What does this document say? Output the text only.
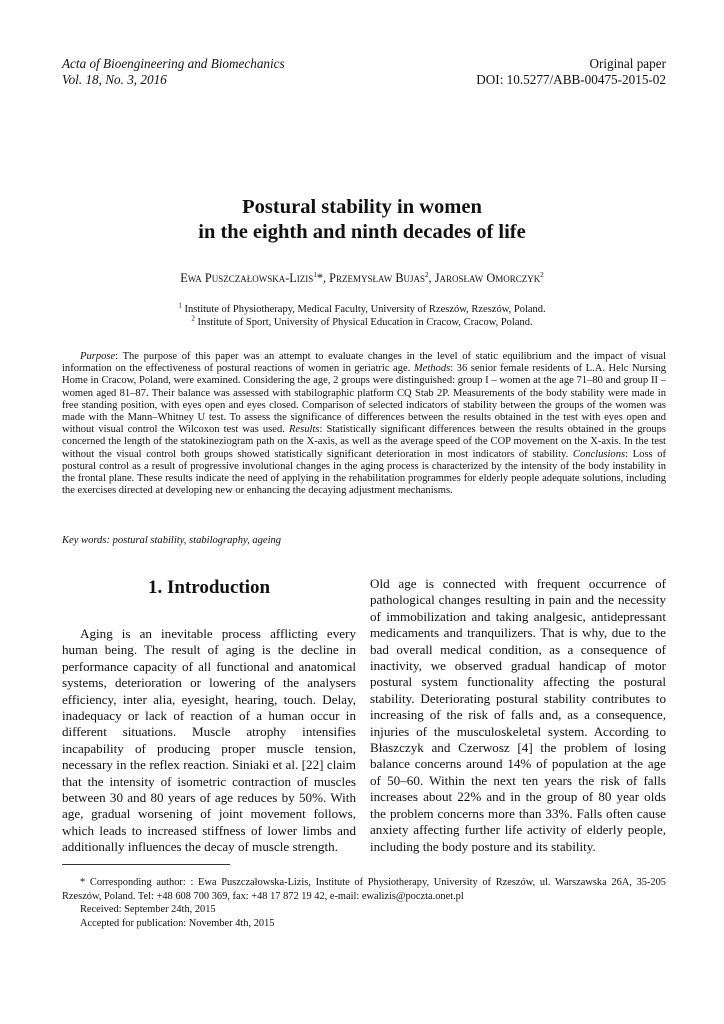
Acta of Bioengineering and Biomechanics
Vol. 18, No. 3, 2016
Original paper
DOI: 10.5277/ABB-00475-2015-02
Postural stability in women
in the eighth and ninth decades of life
Ewa Puszczałowska-Lizis$^1$*, Przemysław Bujas$^2$, Jarosław Omorczyk$^2$
$^1$ Institute of Physiotherapy, Medical Faculty, University of Rzeszów, Rzeszów, Poland.
$^2$ Institute of Sport, University of Physical Education in Cracow, Cracow, Poland.
Purpose: The purpose of this paper was an attempt to evaluate changes in the level of static equilibrium and the impact of visual information on the effectiveness of postural reactions of women in geriatric age. Methods: 36 senior female residents of L.A. Helc Nursing Home in Cracow, Poland, were examined. Considering the age, 2 groups were distinguished: group I – women at the age 71–80 and group II – women aged 81–87. Their balance was assessed with stabilographic platform CQ Stab 2P. Measurements of the body stability were made in free standing position, with eyes open and eyes closed. Comparison of selected indicators of stability between the groups of the women was made with the Mann–Whitney U test. To assess the significance of differences between the results obtained in the test with eyes open and without visual control the Wilcoxon test was used. Results: Statistically significant differences between the results obtained in the groups concerned the length of the statokineziogram path on the X-axis, as well as the average speed of the COP movement on the X-axis. In the test without the visual control both groups showed statistically significant deterioration in most indicators of stability. Conclusions: Loss of postural control as a result of progressive involutional changes in the aging process is characterized by the intensity of the body instability in the frontal plane. These results indicate the need of applying in the rehabilitation programmes for elderly people adequate solutions, including the exercises directed at developing new or enhancing the decaying adjustment mechanisms.
Key words: postural stability, stabilography, ageing
1. Introduction
Aging is an inevitable process afflicting every human being. The result of aging is the decline in performance capacity of all functional and anatomical systems, deterioration or lowering of the analysers efficiency, inter alia, eyesight, hearing, touch. Delay, inadequacy or lack of reaction of a human occur in different situations. Muscle atrophy intensifies incapability of producing proper muscle tension, necessary in the reflex reaction. Siniaki et al. [22] claim that the intensity of isometric contraction of muscles between 30 and 80 years of age reduces by 50%. With age, gradual worsening of joint movement follows, which leads to increased stiffness of lower limbs and additionally influences the decay of muscle strength.
Old age is connected with frequent occurrence of pathological changes resulting in pain and the necessity of immobilization and taking analgesic, antidepressant medicaments and tranquilizers. That is why, due to the bad overall medical condition, as a consequence of inactivity, we observed gradual handicap of motor postural system functionality affecting the postural stability. Deteriorating postural stability contributes to increasing of the risk of falls and, as a consequence, injuries of the musculoskeletal system. According to Błaszczyk and Czerwosz [4] the problem of losing balance concerns around 14% of population at the age of 50–60. Within the next ten years the risk of falls increases about 22% and in the group of 80 year olds the problem concerns more than 33%. Falls often cause anxiety affecting further life activity of elderly people, including the body posture and its stability.
* Corresponding author: : Ewa Puszczałowska-Lizis, Institute of Physiotherapy, University of Rzeszów, ul. Warszawska 26A, 35-205 Rzeszów, Poland. Tel: +48 608 700 369, fax: +48 17 872 19 42, e-mail: ewalizis@poczta.onet.pl
Received: September 24th, 2015
Accepted for publication: November 4th, 2015
